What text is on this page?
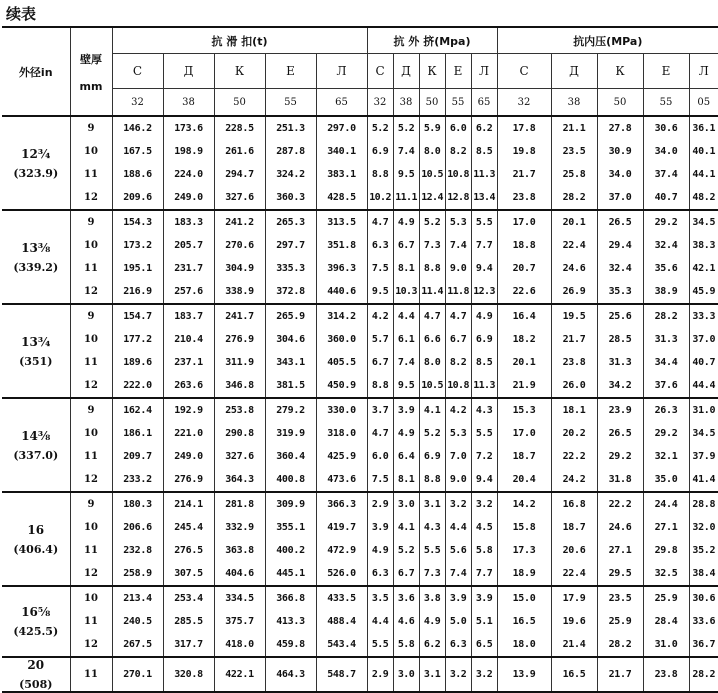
续表
外径in	壁厚

mm	抗 滑 扣(t)					抗 外 挤(Mpa)					抗内压(MPa)				
		С	Д	К	Е	Л	С	Д	К	Е	Л	С	Д	К	Е	Л
		32	38	50	55	65	32	38	50	55	65	32	38	50	55	05

12¾
(323.9)	9	146.2	173.6	228.5	251.3	297.0	5.2	5.2	5.9	6.0	6.2	17.8	21.1	27.8	30.6	36.1
	10	167.5	198.9	261.6	287.8	340.1	6.9	7.4	8.0	8.2	8.5	19.8	23.5	30.9	34.0	40.1
	11	188.6	224.0	294.7	324.2	383.1	8.8	9.5	10.5	10.8	11.3	21.7	25.8	34.0	37.4	44.1
	12	209.6	249.0	327.6	360.3	428.5	10.2	11.1	12.4	12.8	13.4	23.8	28.2	37.0	40.7	48.2

13⅜
(339.2)	9	154.3	183.3	241.2	265.3	313.5	4.7	4.9	5.2	5.3	5.5	17.0	20.1	26.5	29.2	34.5
	10	173.2	205.7	270.6	297.7	351.8	6.3	6.7	7.3	7.4	7.7	18.8	22.4	29.4	32.4	38.3
	11	195.1	231.7	304.9	335.3	396.3	7.5	8.1	8.8	9.0	9.4	20.7	24.6	32.4	35.6	42.1
	12	216.9	257.6	338.9	372.8	440.6	9.5	10.3	11.4	11.8	12.3	22.6	26.9	35.3	38.9	45.9

13¾
(351)	9	154.7	183.7	241.7	265.9	314.2	4.2	4.4	4.7	4.7	4.9	16.4	19.5	25.6	28.2	33.3
	10	177.2	210.4	276.9	304.6	360.0	5.7	6.1	6.6	6.7	6.9	18.2	21.7	28.5	31.3	37.0
	11	189.6	237.1	311.9	343.1	405.5	6.7	7.4	8.0	8.2	8.5	20.1	23.8	31.3	34.4	40.7
	12	222.0	263.6	346.8	381.5	450.9	8.8	9.5	10.5	10.8	11.3	21.9	26.0	34.2	37.6	44.4

14⅜
(337.0)	9	162.4	192.9	253.8	279.2	330.0	3.7	3.9	4.1	4.2	4.3	15.3	18.1	23.9	26.3	31.0
	10	186.1	221.0	290.8	319.9	318.0	4.7	4.9	5.2	5.3	5.5	17.0	20.2	26.5	29.2	34.5
	11	209.7	249.0	327.6	360.4	425.9	6.0	6.4	6.9	7.0	7.2	18.7	22.2	29.2	32.1	37.9
	12	233.2	276.9	364.3	400.8	473.6	7.5	8.1	8.8	9.0	9.4	20.4	24.2	31.8	35.0	41.4

16
(406.4)	9	180.3	214.1	281.8	309.9	366.3	2.9	3.0	3.1	3.2	3.2	14.2	16.8	22.2	24.4	28.8
	10	206.6	245.4	332.9	355.1	419.7	3.9	4.1	4.3	4.4	4.5	15.8	18.7	24.6	27.1	32.0
	11	232.8	276.5	363.8	400.2	472.9	4.9	5.2	5.5	5.6	5.8	17.3	20.6	27.1	29.8	35.2
	12	258.9	307.5	404.6	445.1	526.0	6.3	6.7	7.3	7.4	7.7	18.9	22.4	29.5	32.5	38.4

16⅝
(425.5)	10	213.4	253.4	334.5	366.8	433.5	3.5	3.6	3.8	3.9	3.9	15.0	17.9	23.5	25.9	30.6
	11	240.5	285.5	375.7	413.3	488.4	4.4	4.6	4.9	5.0	5.1	16.5	19.6	25.9	28.4	33.6
	12	267.5	317.7	418.0	459.8	543.4	5.5	5.8	6.2	6.3	6.5	18.0	21.4	28.2	31.0	36.7

20
(508)	11	270.1	320.8	422.1	464.3	548.7	2.9	3.0	3.1	3.2	3.2	13.9	16.5	21.7	23.8	28.2
